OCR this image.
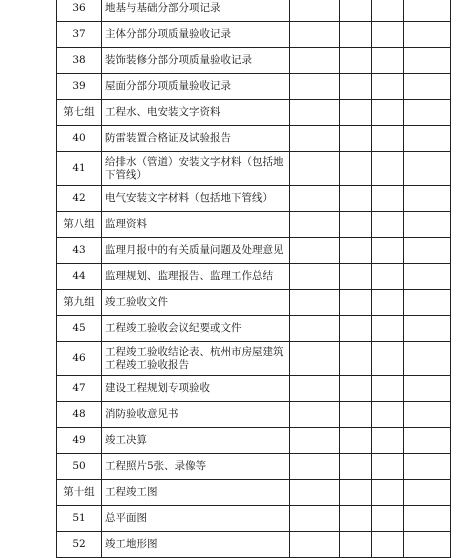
36	地基与基础分部分项记录				
37	主体分部分项质量验收记录				
38	装饰装修分部分项质量验收记录				
39	屋面分部分项质量验收记录				
第七组	工程水、电安装文字资料				
40	防雷装置合格证及试验报告				
41	给排水（管道）安装文字材料（包括地下管线）				
42	电气安装文字材料（包括地下管线）				
第八组	监理资料				
43	监理月报中的有关质量问题及处理意见				
44	监理规划、监理报告、监理工作总结				
第九组	竣工验收文件				
45	工程竣工验收会议纪要或文件				
46	工程竣工验收结论表、杭州市房屋建筑工程竣工验收报告				
47	建设工程规划专项验收				
48	消防验收意见书				
49	竣工决算				
50	工程照片5张、录像等				
第十组	工程竣工图				
51	总平面图				
52	竣工地形图				
